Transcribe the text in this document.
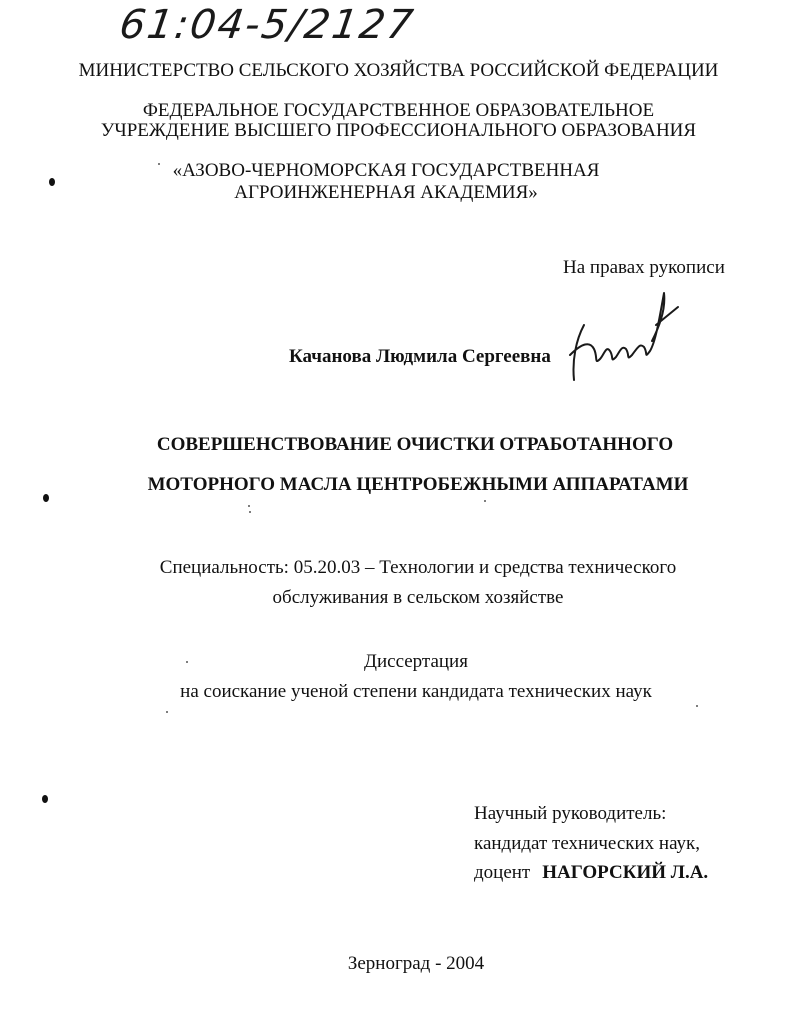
61:04-5/2127
МИНИСТЕРСТВО СЕЛЬСКОГО ХОЗЯЙСТВА РОССИЙСКОЙ ФЕДЕРАЦИИ
ФЕДЕРАЛЬНОЕ ГОСУДАРСТВЕННОЕ ОБРАЗОВАТЕЛЬНОЕ
УЧРЕЖДЕНИЕ ВЫСШЕГО ПРОФЕССИОНАЛЬНОГО ОБРАЗОВАНИЯ
«АЗОВО-ЧЕРНОМОРСКАЯ ГОСУДАРСТВЕННАЯ
АГРОИНЖЕНЕРНАЯ АКАДЕМИЯ»
На правах рукописи
Качанова Людмила Сергеевна
СОВЕРШЕНСТВОВАНИЕ ОЧИСТКИ ОТРАБОТАННОГО
МОТОРНОГО МАСЛА ЦЕНТРОБЕЖНЫМИ АППАРАТАМИ
Специальность: 05.20.03 – Технологии и средства технического
обслуживания в сельском хозяйстве
Диссертация
на соискание ученой степени кандидата технических наук
Научный руководитель:
кандидат технических наук,
доцент НАГОРСКИЙ Л.А.
Зерноград - 2004
